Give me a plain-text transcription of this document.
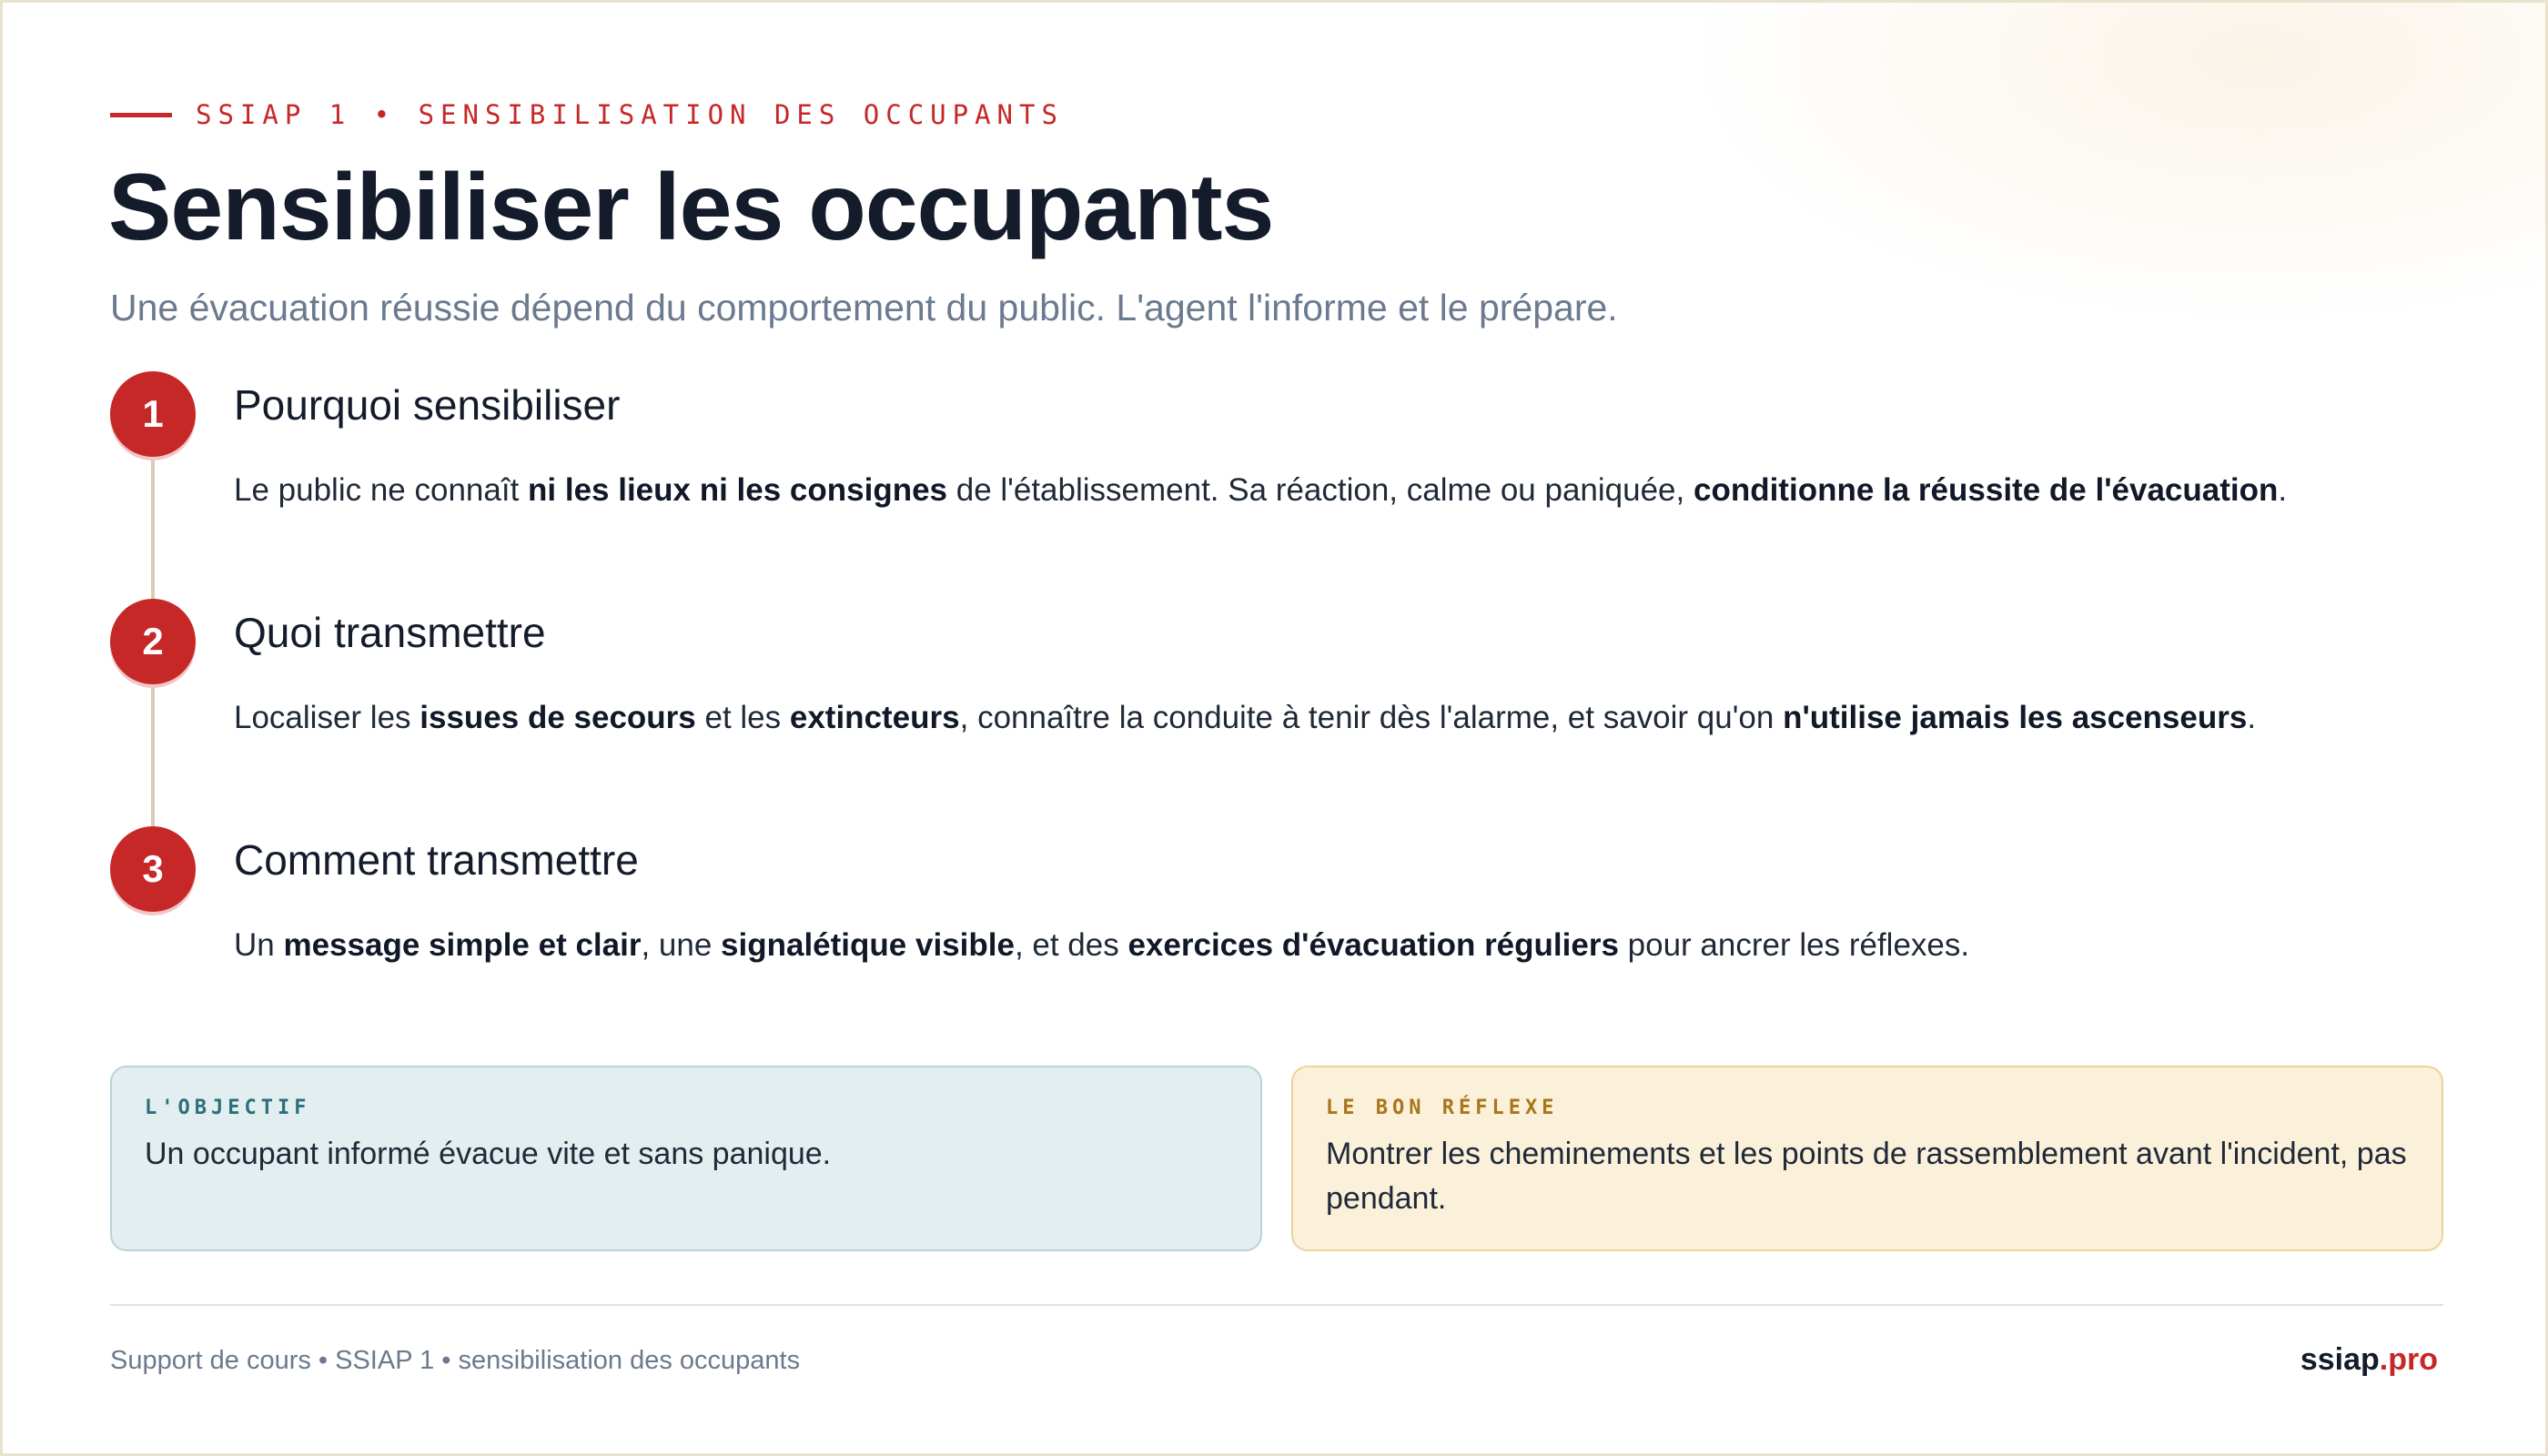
SSIAP 1 • SENSIBILISATION DES OCCUPANTS
Sensibiliser les occupants
Une évacuation réussie dépend du comportement du public. L'agent l'informe et le prépare.
1	Pourquoi sensibiliser
Le public ne connaît ni les lieux ni les consignes de l'établissement. Sa réaction, calme ou paniquée, conditionne la réussite de l'évacuation.
2	Quoi transmettre
Localiser les issues de secours et les extincteurs, connaître la conduite à tenir dès l'alarme, et savoir qu'on n'utilise jamais les ascenseurs.
3	Comment transmettre
Un message simple et clair, une signalétique visible, et des exercices d'évacuation réguliers pour ancrer les réflexes.
L'OBJECTIF
Un occupant informé évacue vite et sans panique.
LE BON RÉFLEXE
Montrer les cheminements et les points de rassemblement avant l'incident, pas pendant.
Support de cours • SSIAP 1 • sensibilisation des occupants	ssiap.pro
